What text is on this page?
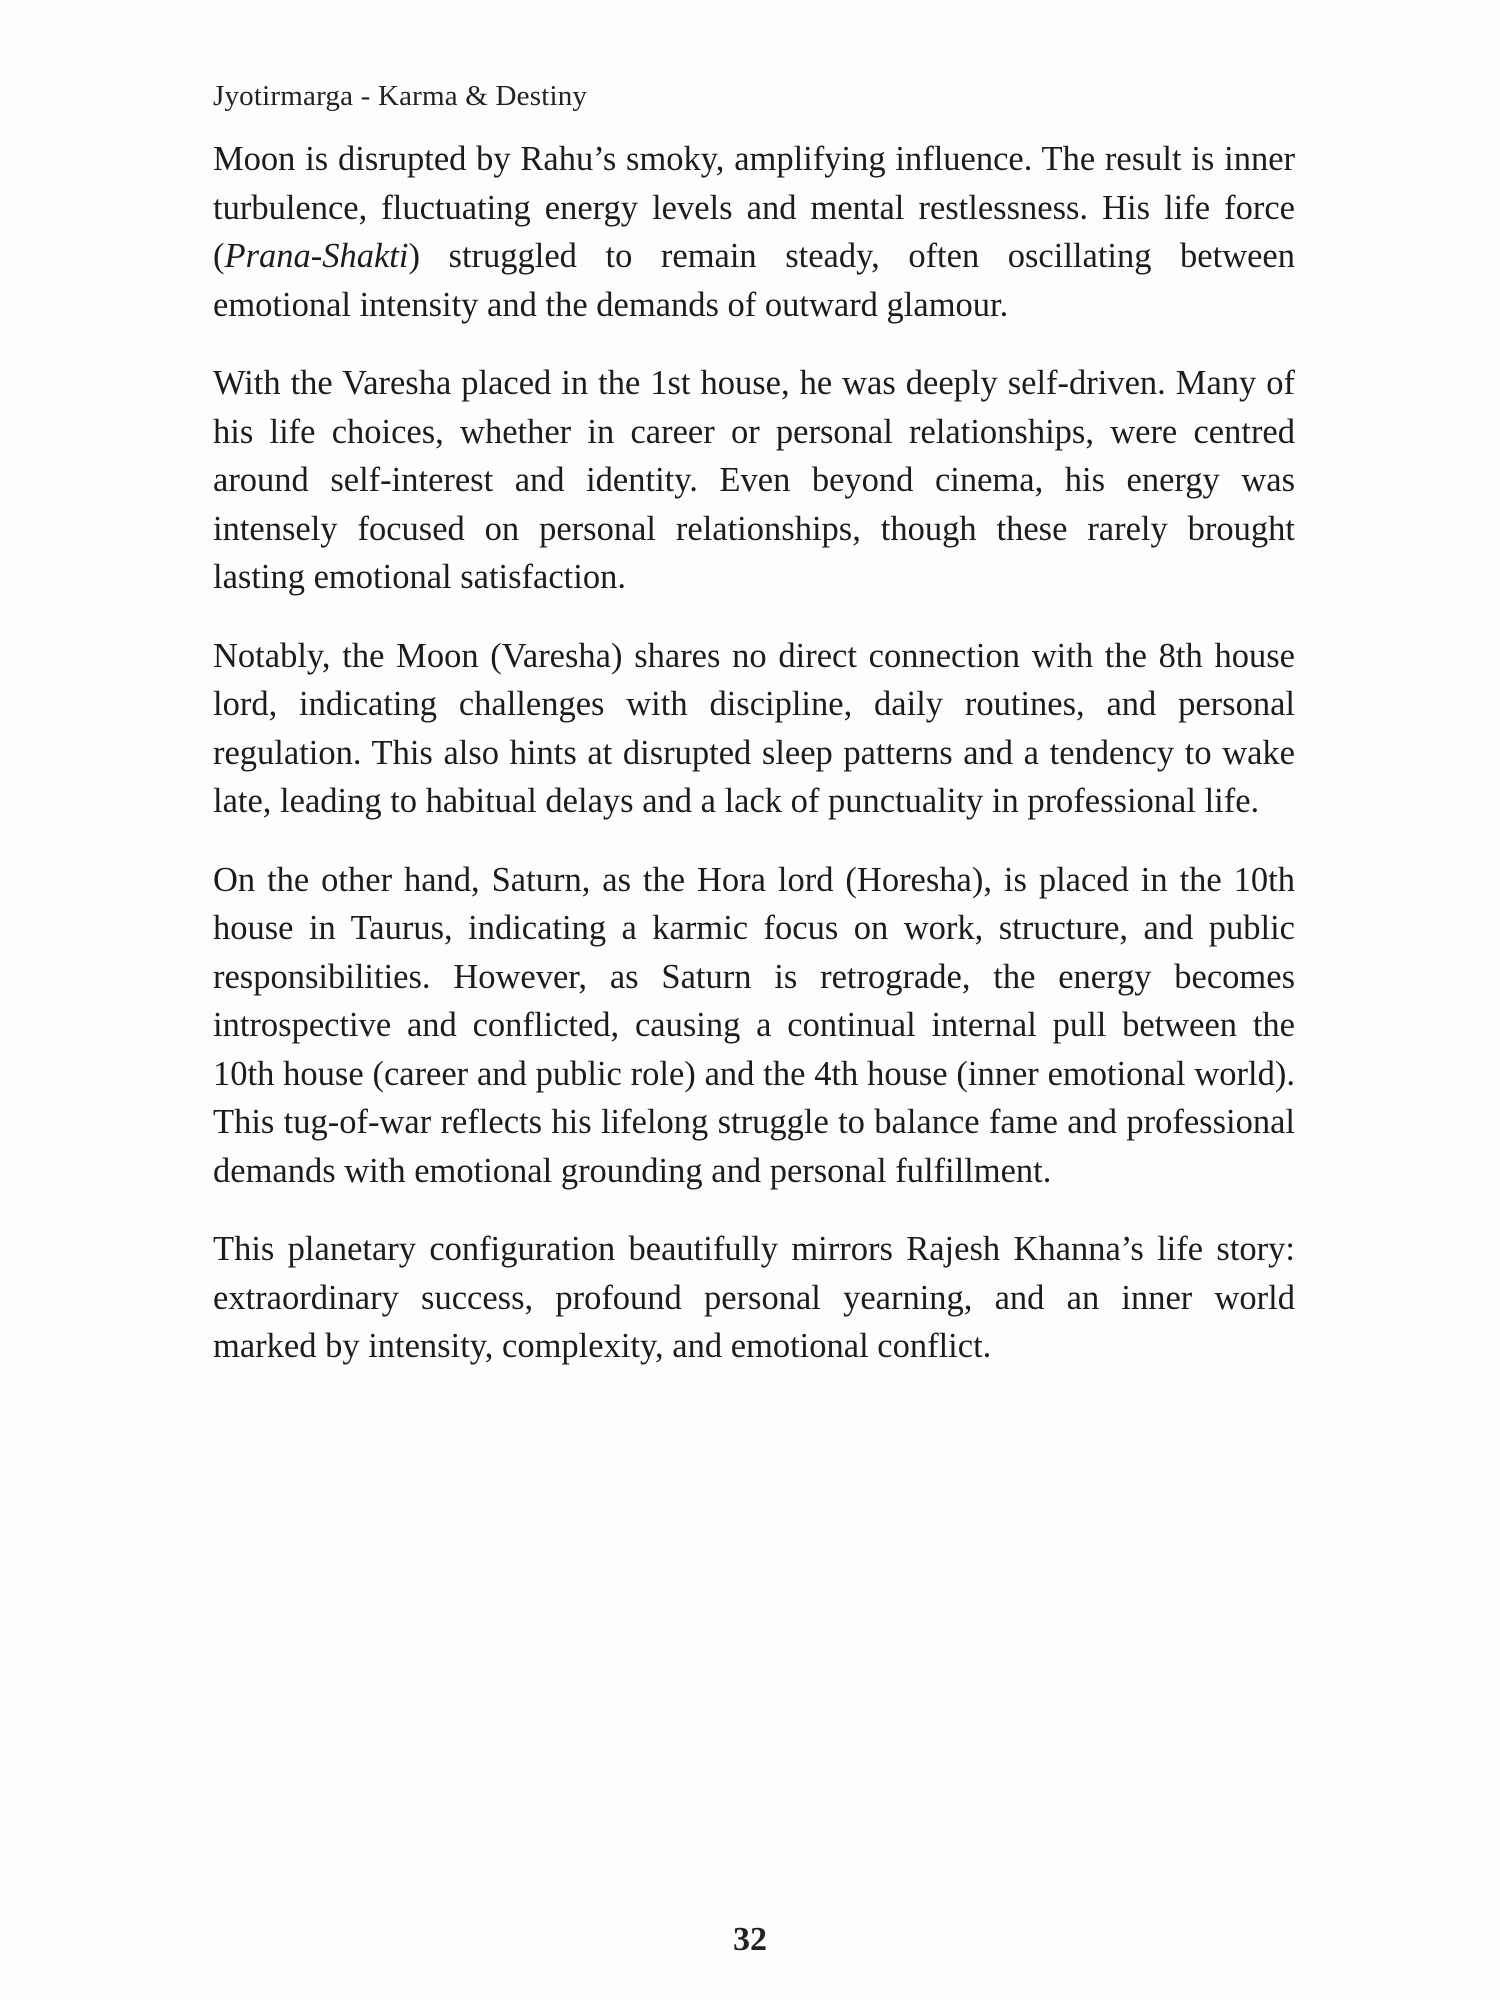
Jyotirmarga - Karma & Destiny

Moon is disrupted by Rahu’s smoky, amplifying influence. The result is inner turbulence, fluctuating energy levels and mental restlessness. His life force (Prana-Shakti) struggled to remain steady, often oscillating between emotional intensity and the demands of outward glamour.

With the Varesha placed in the 1st house, he was deeply self-driven. Many of his life choices, whether in career or personal relationships, were centred around self-interest and identity. Even beyond cinema, his energy was intensely focused on personal relationships, though these rarely brought lasting emotional satisfaction.

Notably, the Moon (Varesha) shares no direct connection with the 8th house lord, indicating challenges with discipline, daily routines, and personal regulation. This also hints at disrupted sleep patterns and a tendency to wake late, leading to habitual delays and a lack of punctuality in professional life.

On the other hand, Saturn, as the Hora lord (Horesha), is placed in the 10th house in Taurus, indicating a karmic focus on work, structure, and public responsibilities. However, as Saturn is retrograde, the energy becomes introspective and conflicted, causing a continual internal pull between the 10th house (career and public role) and the 4th house (inner emotional world). This tug-of-war reflects his lifelong struggle to balance fame and professional demands with emotional grounding and personal fulfillment.

This planetary configuration beautifully mirrors Rajesh Khanna’s life story: extraordinary success, profound personal yearning, and an inner world marked by intensity, complexity, and emotional conflict.

32
